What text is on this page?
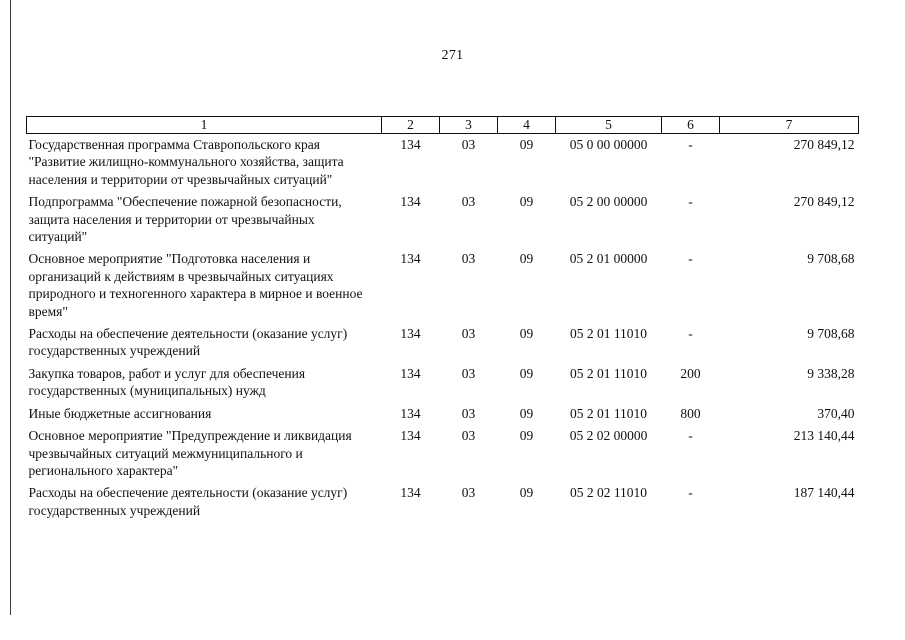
271
1	2	3	4	5	6	7
Государственная программа Ставропольского края "Развитие жилищно-коммунального хозяйства, защита населения и территории от чрезвычайных ситуаций"	134	03	09	05 0 00 00000	-	270 849,12
Подпрограмма "Обеспечение пожарной безопасности, защита населения и территории от чрезвычайных ситуаций"	134	03	09	05 2 00 00000	-	270 849,12
Основное мероприятие "Подготовка населения и организаций к действиям в чрезвычайных ситуациях природного и техногенного характера в мирное и военное время"	134	03	09	05 2 01 00000	-	9 708,68
Расходы на обеспечение деятельности (оказание услуг) государственных учреждений	134	03	09	05 2 01 11010	-	9 708,68
Закупка товаров, работ и услуг для обеспечения государственных (муниципальных) нужд	134	03	09	05 2 01 11010	200	9 338,28
Иные бюджетные ассигнования	134	03	09	05 2 01 11010	800	370,40
Основное мероприятие "Предупреждение и ликвидация чрезвычайных ситуаций межмуниципального и регионального характера"	134	03	09	05 2 02 00000	-	213 140,44
Расходы на обеспечение деятельности (оказание услуг) государственных учреждений	134	03	09	05 2 02 11010	-	187 140,44
